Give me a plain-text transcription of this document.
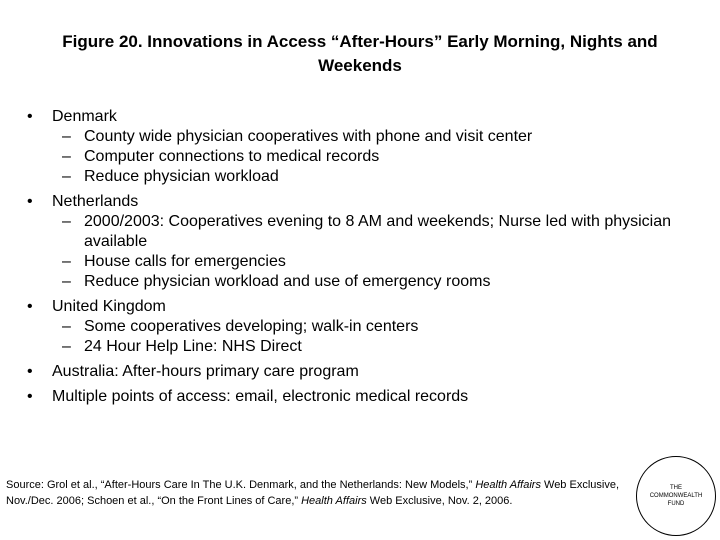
Figure 20. Innovations in Access “After-Hours” Early Morning, Nights and
Weekends
• Denmark
– County wide physician cooperatives with phone and visit center
– Computer connections to medical records
– Reduce physician workload
• Netherlands
– 2000/2003: Cooperatives evening to 8 AM and weekends; Nurse led with physician available
– House calls for emergencies
– Reduce physician workload and use of emergency rooms
• United Kingdom
– Some cooperatives developing; walk-in centers
– 24 Hour Help Line: NHS Direct
• Australia: After-hours primary care program
• Multiple points of access: email, electronic medical records
Source: Grol et al., “After-Hours Care In The U.K. Denmark, and the Netherlands: New Models,” Health Affairs Web Exclusive, Nov./Dec. 2006; Schoen et al., “On the Front Lines of Care,” Health Affairs Web Exclusive, Nov. 2, 2006.
THE
COMMONWEALTH
FUND
